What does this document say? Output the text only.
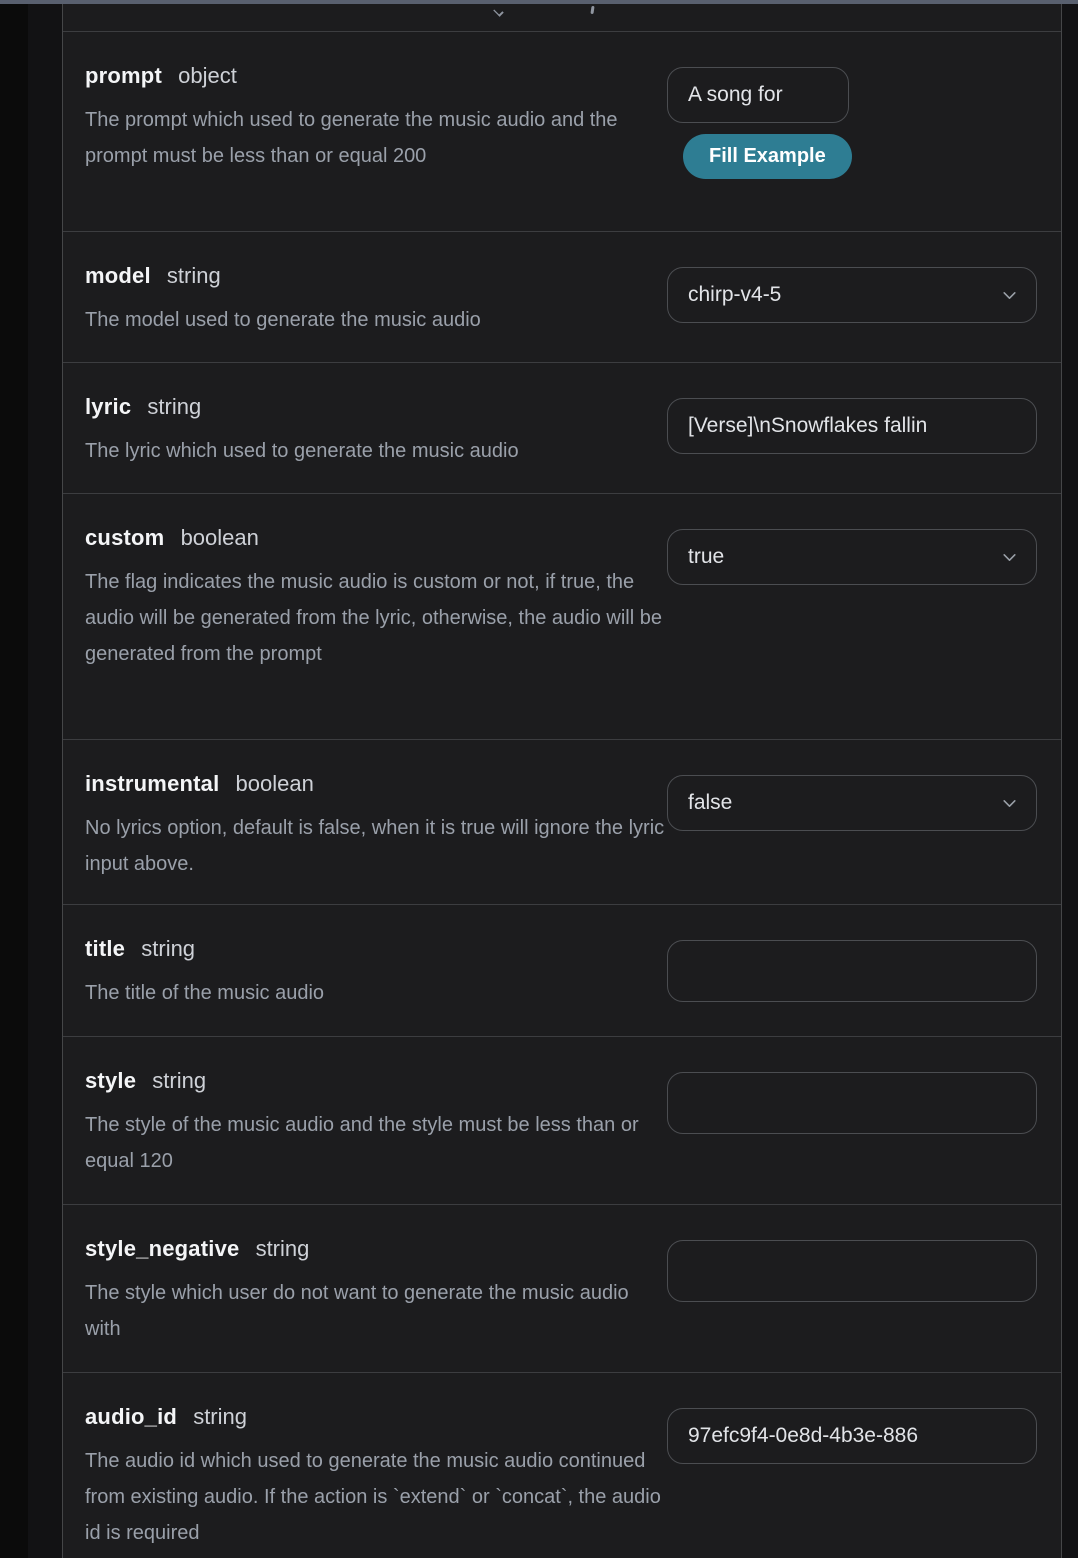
prompt object

The prompt which used to generate the music audio and the prompt must be less than or equal 200

A song for	Fill Example
model string

The model used to generate the music audio

chirp-v4-5
lyric string

The lyric which used to generate the music audio

[Verse]\nSnowflakes fallin
custom boolean

The flag indicates the music audio is custom or not, if true, the audio will be generated from the lyric, otherwise, the audio will be generated from the prompt

true
instrumental boolean

No lyrics option, default is false, when it is true will ignore the lyric input above.

false
title string

The title of the music audio

style string

The style of the music audio and the style must be less than or equal 120

style_negative string

The style which user do not want to generate the music audio with

audio_id string

The audio id which used to generate the music audio continued from existing audio. If the action is `extend` or `concat`, the audio id is required

97efc9f4-0e8d-4b3e-886
